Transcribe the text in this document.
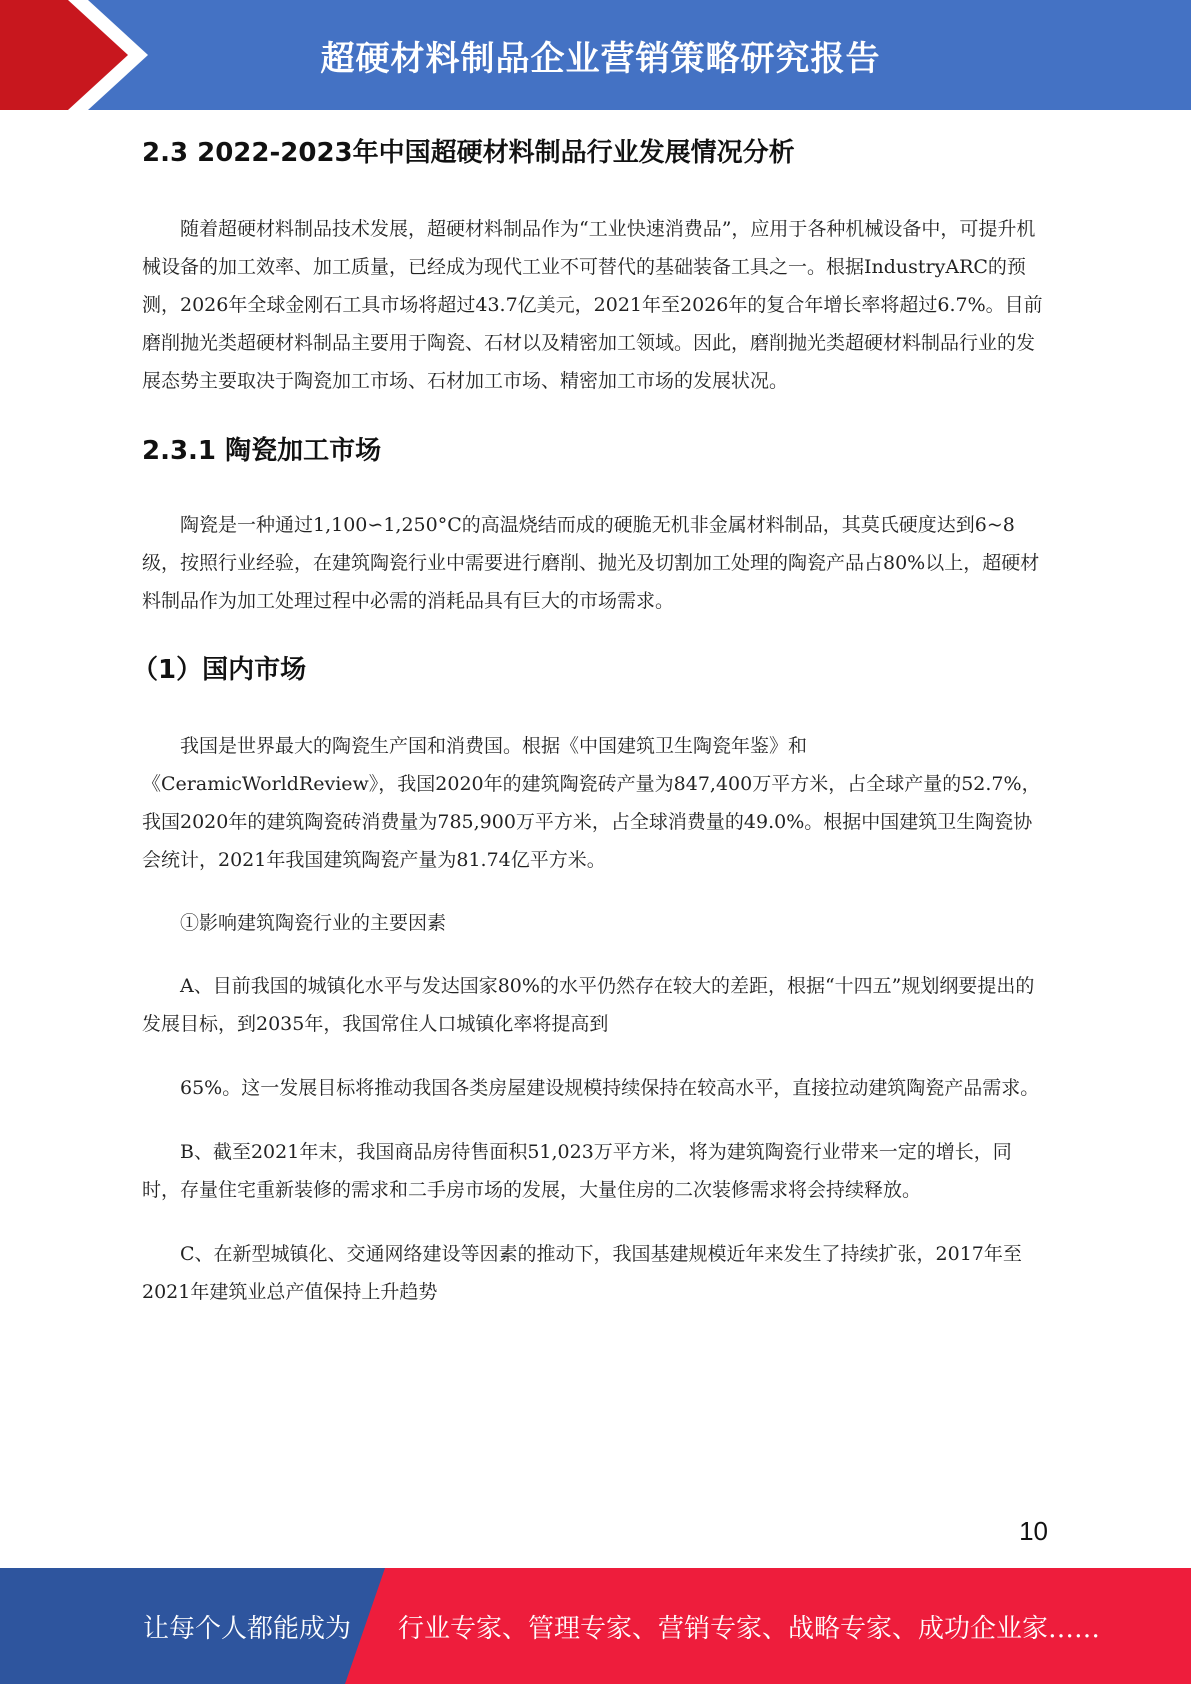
超硬材料制品企业营销策略研究报告
2.3 2022-2023年中国超硬材料制品行业发展情况分析

随着超硬材料制品技术发展，超硬材料制品作为“工业快速消费品”，应用于各种机械设备中，可提升机械设备的加工效率、加工质量，已经成为现代工业不可替代的基础装备工具之一。根据IndustryARC的预测，2026年全球金刚石工具市场将超过43.7亿美元，2021年至2026年的复合年增长率将超过6.7%。目前磨削抛光类超硬材料制品主要用于陶瓷、石材以及精密加工领域。因此，磨削抛光类超硬材料制品行业的发展态势主要取决于陶瓷加工市场、石材加工市场、精密加工市场的发展状况。

2.3.1 陶瓷加工市场

陶瓷是一种通过1,100∽1,250°C的高温烧结而成的硬脆无机非金属材料制品，其莫氏硬度达到6~8级，按照行业经验，在建筑陶瓷行业中需要进行磨削、抛光及切割加工处理的陶瓷产品占80%以上，超硬材料制品作为加工处理过程中必需的消耗品具有巨大的市场需求。

（1）国内市场

我国是世界最大的陶瓷生产国和消费国。根据《中国建筑卫生陶瓷年鉴》和《CeramicWorldReview》，我国2020年的建筑陶瓷砖产量为847,400万平方米，占全球产量的52.7%，我国2020年的建筑陶瓷砖消费量为785,900万平方米，占全球消费量的49.0%。根据中国建筑卫生陶瓷协会统计，2021年我国建筑陶瓷产量为81.74亿平方米。

①影响建筑陶瓷行业的主要因素

A、目前我国的城镇化水平与发达国家80%的水平仍然存在较大的差距，根据“十四五”规划纲要提出的发展目标，到2035年，我国常住人口城镇化率将提高到

65%。这一发展目标将推动我国各类房屋建设规模持续保持在较高水平，直接拉动建筑陶瓷产品需求。

B、截至2021年末，我国商品房待售面积51,023万平方米，将为建筑陶瓷行业带来一定的增长，同时，存量住宅重新装修的需求和二手房市场的发展，大量住房的二次装修需求将会持续释放。

C、在新型城镇化、交通网络建设等因素的推动下，我国基建规模近年来发生了持续扩张，2017年至2021年建筑业总产值保持上升趋势

10
让每个人都能成为 行业专家、管理专家、营销专家、战略专家、成功企业家……
